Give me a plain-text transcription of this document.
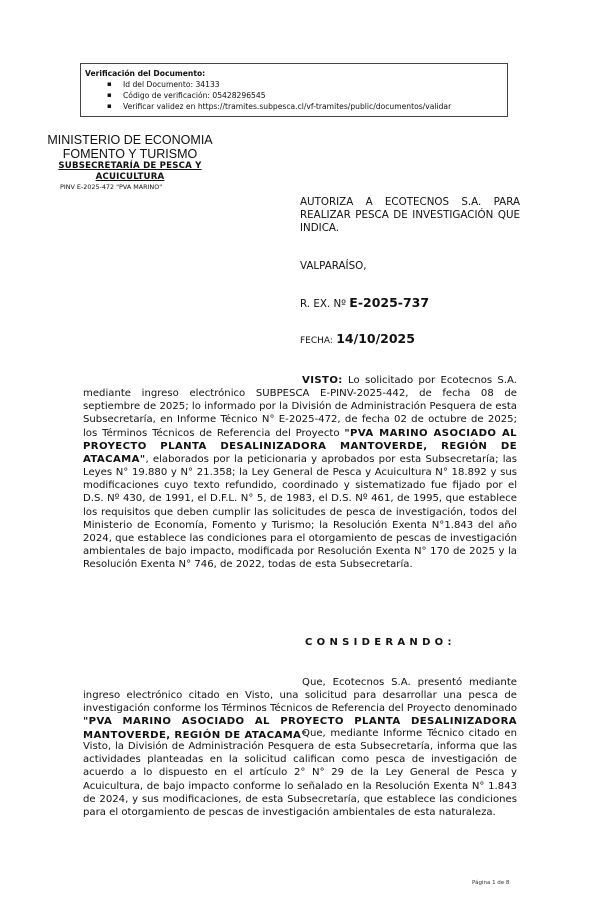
Verificación del Documento:
▪ Id del Documento: 34133
▪ Código de verificación: 05428296545
▪ Verificar validez en https://tramites.subpesca.cl/vf-tramites/public/documentos/validar
MINISTERIO DE ECONOMIA
FOMENTO Y TURISMO
SUBSECRETARÍA DE PESCA Y
ACUICULTURA
PINV E-2025-472 "PVA MARINO"
AUTORIZA A ECOTECNOS S.A. PARA REALIZAR PESCA DE INVESTIGACIÓN QUE INDICA.
VALPARAÍSO,
R. EX. Nº E-2025-737
FECHA: 14/10/2025

VISTO: Lo solicitado por Ecotecnos S.A. mediante ingreso electrónico SUBPESCA E-PINV-2025-442, de fecha 08 de septiembre de 2025; lo informado por la División de Administración Pesquera de esta Subsecretaría, en Informe Técnico N° E-2025-472, de fecha 02 de octubre de 2025; los Términos Técnicos de Referencia del Proyecto "PVA MARINO ASOCIADO AL PROYECTO PLANTA DESALINIZADORA MANTOVERDE, REGIÓN DE ATACAMA", elaborados por la peticionaria y aprobados por esta Subsecretaría; las Leyes N° 19.880 y N° 21.358; la Ley General de Pesca y Acuicultura N° 18.892 y sus modificaciones cuyo texto refundido, coordinado y sistematizado fue fijado por el D.S. Nº 430, de 1991, el D.F.L. N° 5, de 1983, el D.S. Nº 461, de 1995, que establece los requisitos que deben cumplir las solicitudes de pesca de investigación, todos del Ministerio de Economía, Fomento y Turismo; la Resolución Exenta N°1.843 del año 2024, que establece las condiciones para el otorgamiento de pescas de investigación ambientales de bajo impacto, modificada por Resolución Exenta N° 170 de 2025 y la Resolución Exenta N° 746, de 2022, todas de esta Subsecretaría.

CONSIDERANDO:

Que, Ecotecnos S.A. presentó mediante ingreso electrónico citado en Visto, una solicitud para desarrollar una pesca de investigación conforme los Términos Técnicos de Referencia del Proyecto denominado "PVA MARINO ASOCIADO AL PROYECTO PLANTA DESALINIZADORA MANTOVERDE, REGIÓN DE ATACAMA"

Que, mediante Informe Técnico citado en Visto, la División de Administración Pesquera de esta Subsecretaría, informa que las actividades planteadas en la solicitud califican como pesca de investigación de acuerdo a lo dispuesto en el artículo 2° N° 29 de la Ley General de Pesca y Acuicultura, de bajo impacto conforme lo señalado en la Resolución Exenta N° 1.843 de 2024, y sus modificaciones, de esta Subsecretaría, que establece las condiciones para el otorgamiento de pescas de investigación ambientales de esta naturaleza.

Página 1 de 8
